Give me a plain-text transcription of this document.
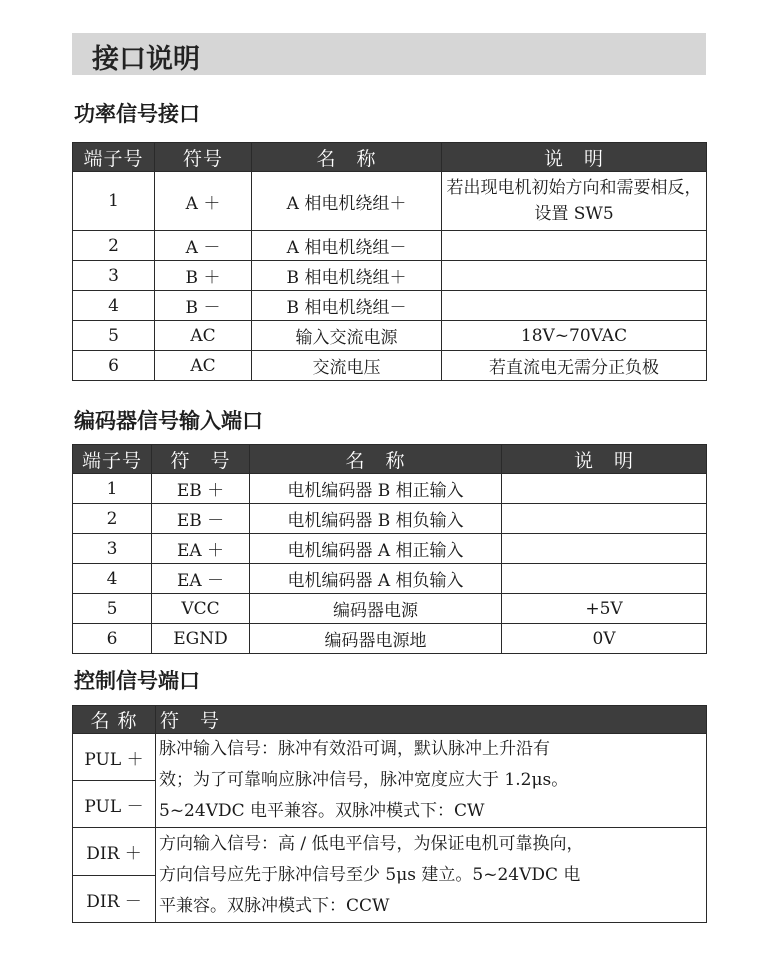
接口说明
功率信号接口
端子号	符号	名　称	说　明
1	A ＋	A 相电机绕组＋	若出现电机初始方向和需要相反，设置 SW5
2	A －	A 相电机绕组－	
3	B ＋	B 相电机绕组＋	
4	B －	B 相电机绕组－	
5	AC	输入交流电源	18V~70VAC
6	AC	交流电压	若直流电无需分正负极
编码器信号输入端口
端子号	符　号	名　称	说　明
1	EB ＋	电机编码器 B 相正输入	
2	EB －	电机编码器 B 相负输入	
3	EA ＋	电机编码器 A 相正输入	
4	EA －	电机编码器 A 相负输入	
5	VCC	编码器电源	+5V
6	EGND	编码器电源地	0V
控制信号端口
名 称	符　号
PUL ＋	脉冲输入信号：脉冲有效沿可调，默认脉冲上升沿有
效；为了可靠响应脉冲信号，脉冲宽度应大于 1.2μs。
5~24VDC 电平兼容。双脉冲模式下：CW

PUL －	
DIR ＋	方向输入信号：高 / 低电平信号，为保证电机可靠换向，
方向信号应先于脉冲信号至少 5μs 建立。5~24VDC 电
平兼容。双脉冲模式下：CCW

DIR －	
